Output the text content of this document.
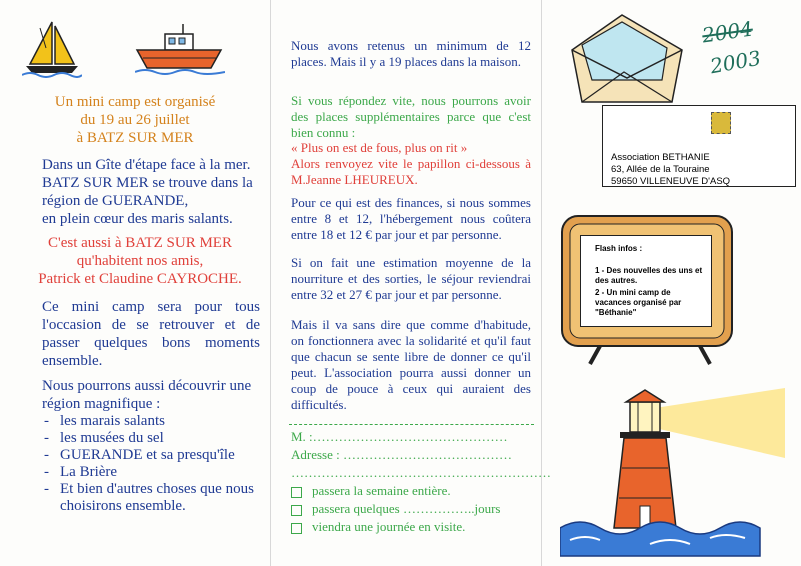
Un mini camp est organisé

du 19 au 26 juillet

à BATZ SUR MER

Dans un Gîte d'étape face à la mer.

BATZ SUR MER se trouve dans la

région de GUERANDE,

en plein cœur des maris salants.

C'est aussi à BATZ SUR MER

qu'habitent nos amis,

Patrick et Claudine CAYROCHE.

Ce mini camp sera pour tous l'occasion de se retrouver et de passer quelques bons moments ensemble.

Nous pourrons aussi découvrir une

région magnifique :

- les marais salants
- les musées du sel
- GUERANDE et sa presqu'île
- La Brière
- Et bien d'autres choses que nous choisirons ensemble.

Nous avons retenus un minimum de 12 places. Mais il y a 19 places dans la maison.

Si vous répondez vite, nous pourrons avoir des places supplémentaires parce que c'est bien connu :

« Plus on est de fous, plus on rit »

Alors renvoyez vite le papillon ci-dessous à M.Jeanne LHEUREUX.

Pour ce qui est des finances, si nous sommes entre 8 et 12, l'hébergement nous coûtera entre 18 et 12 € par jour et par personne.

Si on fait une estimation moyenne de la nourriture et des sorties, le séjour reviendrai entre 32 et 27 € par jour et par personne.

Mais il va sans dire que comme d'habitude, on fonctionnera avec la solidarité et qu'il faut que chacun se sente libre de donner ce qu'il peut. L'association pourra aussi donner un coup de pouce à ceux qui auraient des difficultés.

M. :………………………………………

Adresse : …………………………………

……………………………………………………

passera la semaine entière.

passera quelques ……………..jours

viendra une journée en visite.

2004
2003
Association BETHANIE
63, Allée de la Touraine
59650 VILLENEUVE D'ASQ
Flash infos :
1 - Des nouvelles des uns et des autres.
2 - Un mini camp de vacances organisé par "Béthanie"
